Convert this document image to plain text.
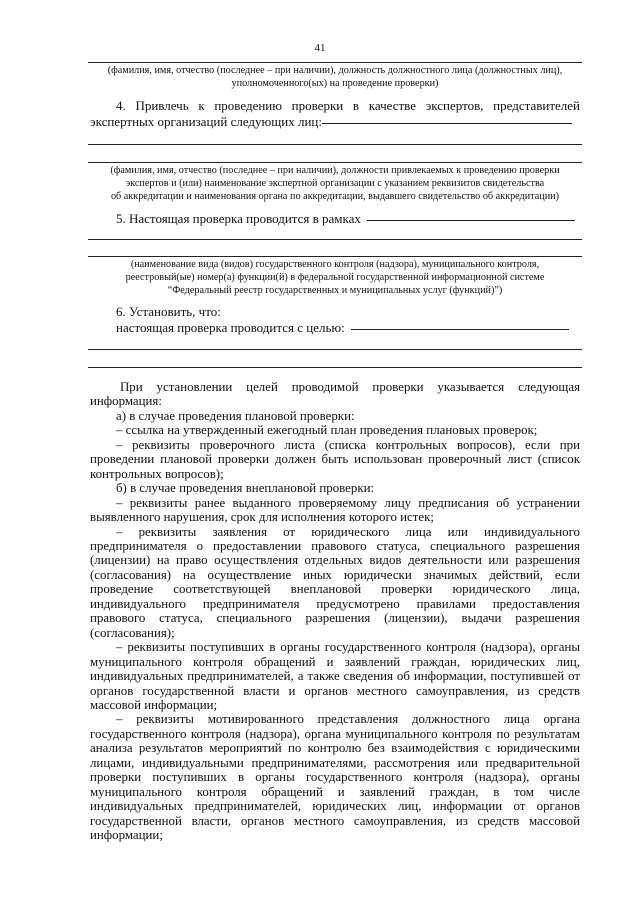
41
(фамилия, имя, отчество (последнее – при наличии), должность должностного лица (должностных лиц),
уполномоченного(ых) на проведение проверки)
4. Привлечь к проведению проверки в качестве экспертов, представителей
экспертных организаций следующих лиц:
(фамилия, имя, отчество (последнее – при наличии), должности привлекаемых к проведению проверки
экспертов и (или) наименование экспертной организации с указанием реквизитов свидетельства
об аккредитации и наименования органа по аккредитации, выдавшего свидетельство об аккредитации)
5. Настоящая проверка проводится в рамках
(наименование вида (видов) государственного контроля (надзора), муниципального контроля,
реестровый(ые) номер(а) функции(й) в федеральной государственной информационной системе
“Федеральный реестр государственных и муниципальных услуг (функций)”)
6. Установить, что:
настоящая проверка проводится с целью:

При установлении целей проводимой проверки указывается следующая

информация:

а) в случае проведения плановой проверки:

– ссылка на утвержденный ежегодный план проведения плановых проверок;

– реквизиты проверочного листа (списка контрольных вопросов), если при

проведении плановой проверки должен быть использован проверочный лист (список

контрольных вопросов);

б) в случае проведения внеплановой проверки:

– реквизиты ранее выданного проверяемому лицу предписания об устранении

выявленного нарушения, срок для исполнения которого истек;

– реквизиты заявления от юридического лица или индивидуального

предпринимателя о предоставлении правового статуса, специального разрешения

(лицензии) на право осуществления отдельных видов деятельности или разрешения

(согласования) на осуществление иных юридически значимых действий, если

проведение соответствующей внеплановой проверки юридического лица,

индивидуального предпринимателя предусмотрено правилами предоставления

правового статуса, специального разрешения (лицензии), выдачи разрешения

(согласования);

– реквизиты поступивших в органы государственного контроля (надзора), органы

муниципального контроля обращений и заявлений граждан, юридических лиц,

индивидуальных предпринимателей, а также сведения об информации, поступившей от

органов государственной власти и органов местного самоуправления, из средств

массовой информации;

– реквизиты мотивированного представления должностного лица органа

государственного контроля (надзора), органа муниципального контроля по результатам

анализа результатов мероприятий по контролю без взаимодействия с юридическими

лицами, индивидуальными предпринимателями, рассмотрения или предварительной

проверки поступивших в органы государственного контроля (надзора), органы

муниципального контроля обращений и заявлений граждан, в том числе

индивидуальных предпринимателей, юридических лиц, информации от органов

государственной власти, органов местного самоуправления, из средств массовой

информации;
